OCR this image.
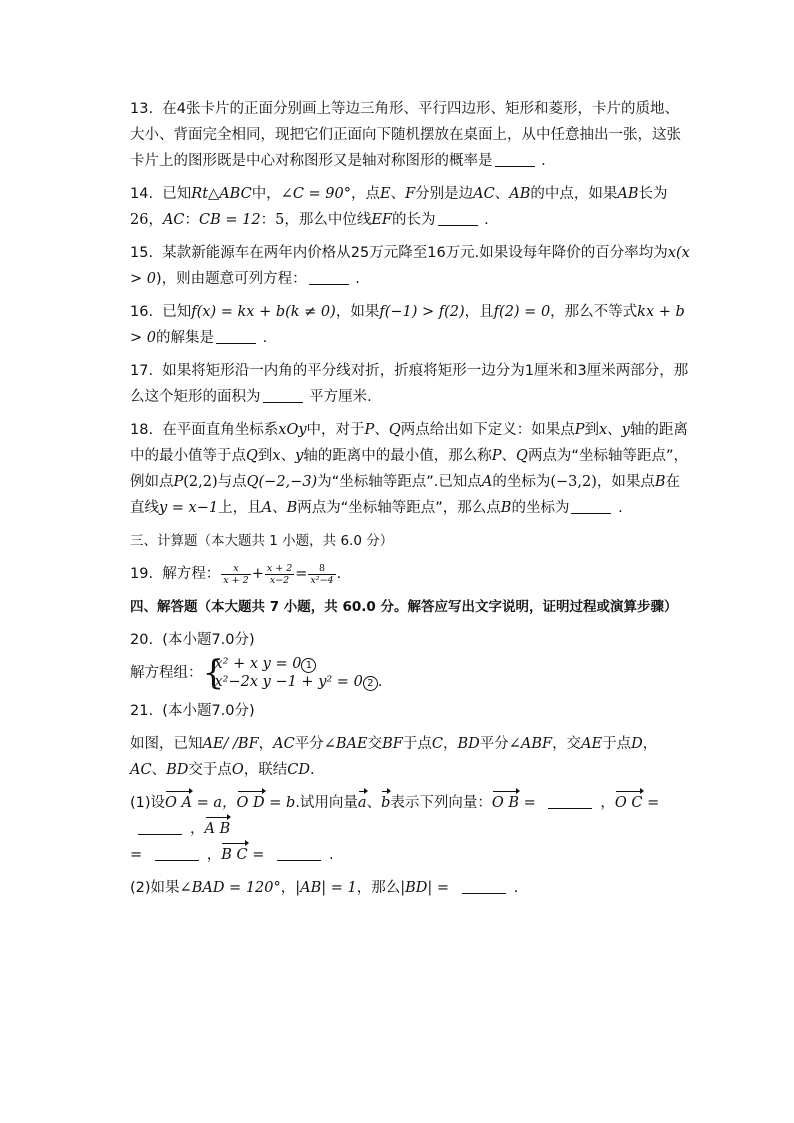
13. 在4张卡片的正面分别画上等边三角形、平行四边形、矩形和菱形，卡片的质地、大小、背面完全相同，现把它们正面向下随机摆放在桌面上，从中任意抽出一张，这张卡片上的图形既是中心对称图形又是轴对称图形的概率是	.

14. 已知Rt△ABC中，∠C = 90°，点E、F分别是边AC、AB的中点，如果AB长为26，AC：CB = 12：5，那么中位线EF的长为	.

15. 某款新能源车在两年内价格从25万元降至16万元.如果设每年降价的百分率均为x(x > 0)，则由题意可列方程：	.

16. 已知f(x) = kx + b(k ≠ 0)，如果f(−1) > f(2)，且f(2) = 0，那么不等式kx + b > 0的解集是	.

17. 如果将矩形沿一内角的平分线对折，折痕将矩形一边分为1厘米和3厘米两部分，那么这个矩形的面积为	平方厘米.

18. 在平面直角坐标系xOy中，对于P、Q两点给出如下定义：如果点P到x、y轴的距离中的最小值等于点Q到x、y轴的距离中的最小值，那么称P、Q两点为“坐标轴等距点”，例如点P(2,2)与点Q(−2,−3)为“坐标轴等距点”.已知点A的坐标为(−3,2)，如果点B在直线y = x−1上，且A、B两点为“坐标轴等距点”，那么点B的坐标为	.

三、计算题（本大题共 1 小题，共 6.0 分）

19. 解方程： $\frac{x}{x + 2} + \frac{x + 2}{x-2} = \frac{8}{\text{x²−4}}$ .

四、解答题（本大题共 7 小题，共 60.0 分。解答应写出文字说明，证明过程或演算步骤）

20. (本小题7.0分)

解方程组： {
x² + x y = 0 1
x²−2x y −1 + y² = 0 2 .

21. (本小题7.0分)

如图，已知AE/ /BF，AC平分∠BAE交BF于点C，BD平分∠ABF，交AE于点D，AC、BD交于点O，联结CD.

(1)设O A = a，O D = b.试用向量a、b表示下列向量：O B =	，O C = ，A B
=	，B C =	.

(2)如果∠BAD = 120°，|AB| = 1，那么|BD| =	.
